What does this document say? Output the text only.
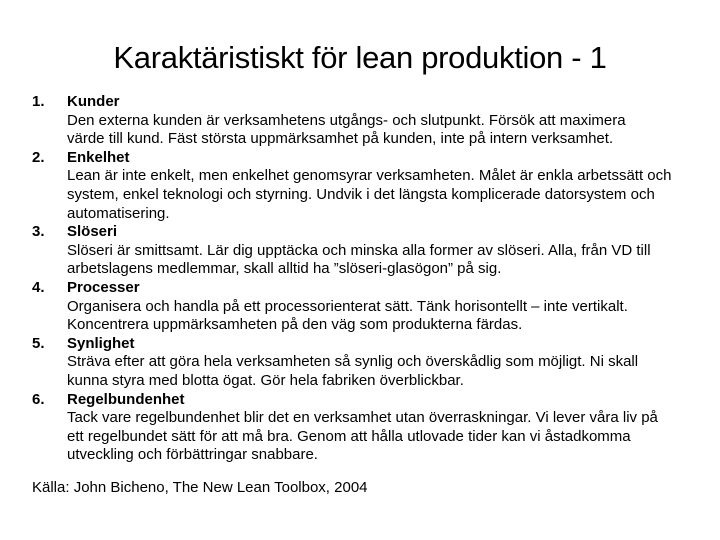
Karaktäristiskt för lean produktion - 1
1. Kunder
Den externa kunden är verksamhetens utgångs- och slutpunkt. Försök att maximera värde till kund. Fäst största uppmärksamhet på kunden, inte på intern verksamhet.
2. Enkelhet
Lean är inte enkelt, men enkelhet genomsyrar verksamheten. Målet är enkla arbetssätt och system, enkel teknologi och styrning. Undvik i det längsta komplicerade datorsystem och automatisering.
3. Slöseri
Slöseri är smittsamt. Lär dig upptäcka och minska alla former av slöseri. Alla, från VD till arbetslagens medlemmar, skall alltid ha ”slöseri-glasögon” på sig.
4. Processer
Organisera och handla på ett processorienterat sätt. Tänk horisontellt – inte vertikalt. Koncentrera uppmärksamheten på den väg som produkterna färdas.
5. Synlighet
Sträva efter att göra hela verksamheten så synlig och överskådlig som möjligt. Ni skall kunna styra med blotta ögat. Gör hela fabriken överblickbar.
6. Regelbundenhet
Tack vare regelbundenhet blir det en verksamhet utan överraskningar. Vi lever våra liv på ett regelbundet sätt för att må bra. Genom att hålla utlovade tider kan vi åstadkomma utveckling och förbättringar snabbare.
Källa: John Bicheno, The New Lean Toolbox, 2004
